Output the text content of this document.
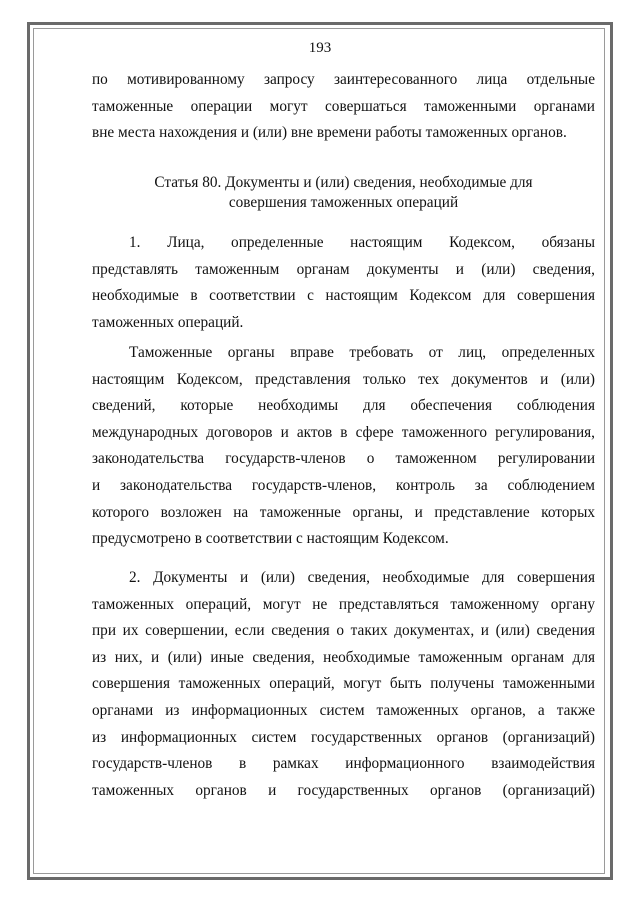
193
по мотивированному запросу заинтересованного лица отдельные
таможенные операции могут совершаться таможенными органами
вне места нахождения и (или) вне времени работы таможенных органов.
Статья 80. Документы и (или) сведения, необходимые для
совершения таможенных операций
1. Лица, определенные настоящим Кодексом, обязаны
представлять таможенным органам документы и (или) сведения,
необходимые в соответствии с настоящим Кодексом для совершения
таможенных операций.
Таможенные органы вправе требовать от лиц, определенных
настоящим Кодексом, представления только тех документов и (или)
сведений, которые необходимы для обеспечения соблюдения
международных договоров и актов в сфере таможенного регулирования,
законодательства государств-членов о таможенном регулировании
и законодательства государств-членов, контроль за соблюдением
которого возложен на таможенные органы, и представление которых
предусмотрено в соответствии с настоящим Кодексом.
2. Документы и (или) сведения, необходимые для совершения
таможенных операций, могут не представляться таможенному органу
при их совершении, если сведения о таких документах, и (или) сведения
из них, и (или) иные сведения, необходимые таможенным органам для
совершения таможенных операций, могут быть получены таможенными
органами из информационных систем таможенных органов, а также
из информационных систем государственных органов (организаций)
государств-членов в рамках информационного взаимодействия
таможенных органов и государственных органов (организаций)
